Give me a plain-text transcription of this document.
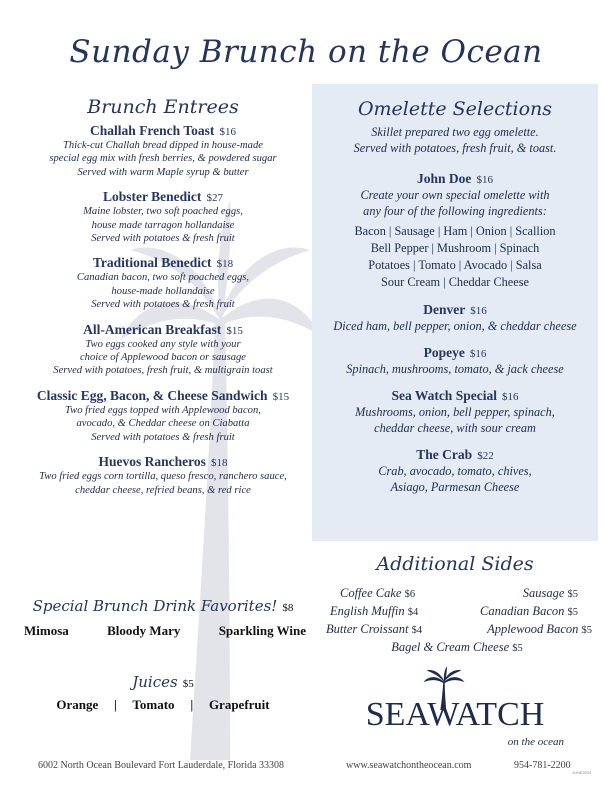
Sunday Brunch on the Ocean
Brunch Entrees
Challah French Toast $16
Thick-cut Challah bread dipped in house-made
special egg mix with fresh berries, & powdered sugar
Served with warm Maple syrup & butter
Lobster Benedict $27
Maine lobster, two soft poached eggs,
house made tarragon hollandaise
Served with potatoes & fresh fruit
Traditional Benedict $18
Canadian bacon, two soft poached eggs,
house-made hollandaise
Served with potatoes & fresh fruit
All-American Breakfast $15
Two eggs cooked any style with your
choice of Applewood bacon or sausage
Served with potatoes, fresh fruit, & multigrain toast
Classic Egg, Bacon, & Cheese Sandwich $15
Two fried eggs topped with Applewood bacon,
avocado, & Cheddar cheese on Ciabatta
Served with potatoes & fresh fruit
Huevos Rancheros $18
Two fried eggs corn tortilla, queso fresco, ranchero sauce,
cheddar cheese, refried beans, & red rice
Omelette Selections
Skillet prepared two egg omelette.
Served with potatoes, fresh fruit, & toast.
John Doe $16
Create your own special omelette with
any four of the following ingredients:
Bacon | Sausage | Ham | Onion | Scallion
Bell Pepper | Mushroom | Spinach
Potatoes | Tomato | Avocado | Salsa
Sour Cream | Cheddar Cheese
Denver $16
Diced ham, bell pepper, onion, & cheddar cheese
Popeye $16
Spinach, mushrooms, tomato, & jack cheese
Sea Watch Special $16
Mushrooms, onion, bell pepper, spinach,
cheddar cheese, with sour cream
The Crab $22
Crab, avocado, tomato, chives,
Asiago, Parmesan Cheese
Additional Sides
Coffee Cake $6	Sausage $5
English Muffin $4	Canadian Bacon $5
Butter Croissant $4	Applewood Bacon $5
Bagel & Cream Cheese $5
Special Brunch Drink Favorites! $8
Mimosa	Bloody Mary	Sparkling Wine
Juices $5
Orange | Tomato | Grapefruit	SEAWATCH
on the ocean
6002 North Ocean Boulevard Fort Lauderdale, Florida 33308	www.seawatchontheocean.com	954-781-2200
JUNE2024
